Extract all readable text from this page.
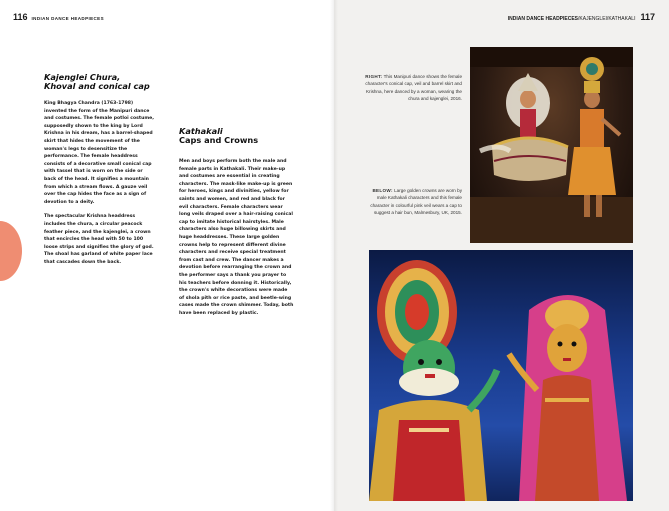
116 INDIAN DANCE HEADPIECES
Kajenglei Chura,
Khoval and conical cap

King Bhagya Chandra (1763-1798) invented the form of the Manipuri dance and costumes. The female potloi costume, supposedly shown to the king by Lord Krishna in his dream, has a barrel-shaped skirt that hides the movement of the woman's legs to desensitize the performance. The female headdress consists of a decorative small conical cap with tassel that is worn on the side or back of the head. It signifies a mountain from which a stream flows. A gauze veil over the cap hides the face as a sign of devotion to a deity.

The spectacular Krishna headdress includes the chura, a circular peacock feather piece, and the kajenglei, a crown that encircles the head with 50 to 100 loose strips and signifies the glory of god. The shoal has garland of white paper lace that cascades down the back.

Kathakali
Caps and Crowns

Men and boys perform both the male and female parts in Kathakali. Their make-up and costumes are essential in creating characters. The mask-like make-up is green for heroes, kings and divinities, yellow for saints and women, and red and black for evil characters. Female characters wear long veils draped over a hair-raising conical cap to imitate historical hairstyles. Male characters also huge billowing skirts and huge headdresses. These large golden crowns help to represent different divine characters and receive special treatment from cast and crew. The dancer makes a devotion before rearranging the crown and the performer says a thank you prayer to his teachers before donning it. Historically, the crown's white decorations were made of shola pith or rice paste, and beetle-wing cases made the crown shimmer. Today, both have been replaced by plastic.

INDIAN DANCE HEADPIECES/KAJENGLEI/KATHAKALI 117
RIGHT: This Manipuri dance shows the female character's conical cap, veil and barrel skirt and Krishna, here danced by a woman, wearing the chura and kajenglei, 2016.
BELOW: Large golden crowns are worn by male Kathakali characters and this female character in colourful pink veil wears a cap to suggest a hair bun, Malmesbury, UK, 2015.
